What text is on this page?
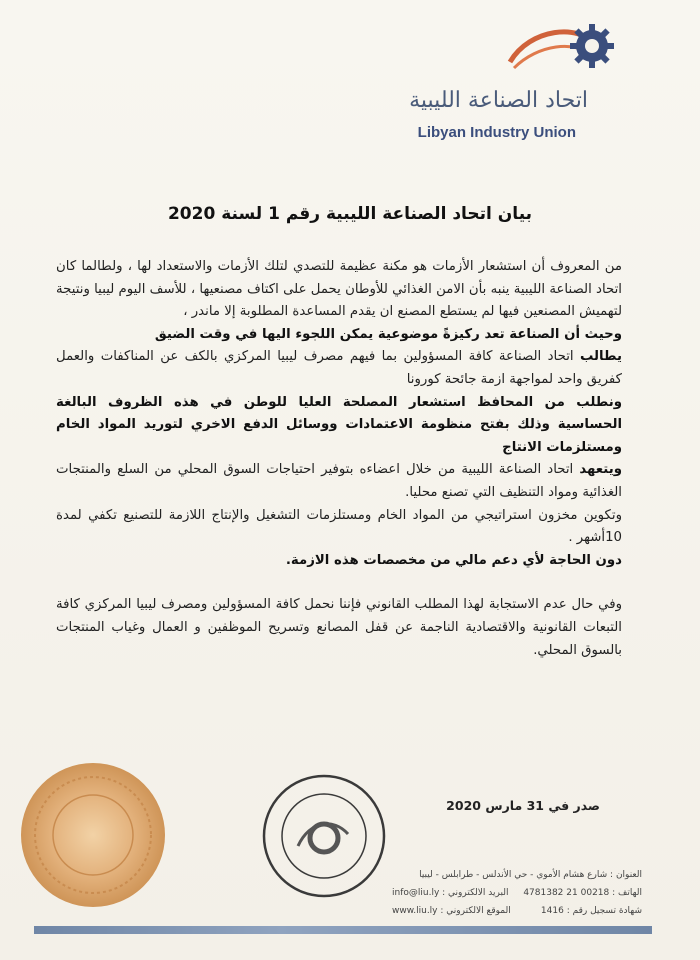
اتحاد الصناعة الليبية
Libyan Industry Union
بيان اتحاد الصناعة الليبية رقم 1 لسنة 2020

من المعروف أن استشعار الأزمات هو مكنة عظيمة للتصدي لتلك الأزمات والاستعداد لها ، ولطالما كان اتحاد الصناعة الليبية ينبه بأن الامن الغذائي للأوطان يحمل على اكتاف مصنعيها ، للأسف اليوم ليبيا ونتيجة لتهميش المصنعين فيها لم يستطع المصنع ان يقدم المساعدة المطلوبة إلا ماندر ،

وحيث أن الصناعة تعد ركيزةً موضوعية يمكن اللجوء اليها في وقت الضيق

يطالب اتحاد الصناعة كافة المسؤولين بما فيهم مصرف ليبيا المركزي بالكف عن المناكفات والعمل كفريق واحد لمواجهة ازمة جائحة كورونا

ونطلب من المحافظ استشعار المصلحة العليا للوطن في هذه الظروف البالغة الحساسية وذلك بفتح منظومة الاعتمادات ووسائل الدفع الاخري لتوريد المواد الخام ومستلزمات الانتاج

ويتعهد اتحاد الصناعة الليبية من خلال اعضاءه بتوفير احتياجات السوق المحلي من السلع والمنتجات الغذائية ومواد التنظيف التي تصنع محليا.

وتكوين مخزون استراتيجي من المواد الخام ومستلزمات التشغيل والإنتاج اللازمة للتصنيع تكفي لمدة 10أشهر .

دون الحاجة لأي دعم مالي من مخصصات هذه الازمة.

وفي حال عدم الاستجابة لهذا المطلب القانوني فإننا نحمل كافة المسؤولين ومصرف ليبيا المركزي كافة التبعات القانونية والاقتصادية الناجمة عن قفل المصانع وتسريح الموظفين و العمال وغياب المنتجات بالسوق المحلي.

صدر في 31 مارس 2020
العنوان : شارع هشام الأموي - حي الأندلس - طرابلس - ليبيا
الهاتف : 00218 21 4781382
البريد الالكتروني : info@liu.ly
شهادة تسجيل رقم : 1416
الموقع الالكتروني : www.liu.ly
